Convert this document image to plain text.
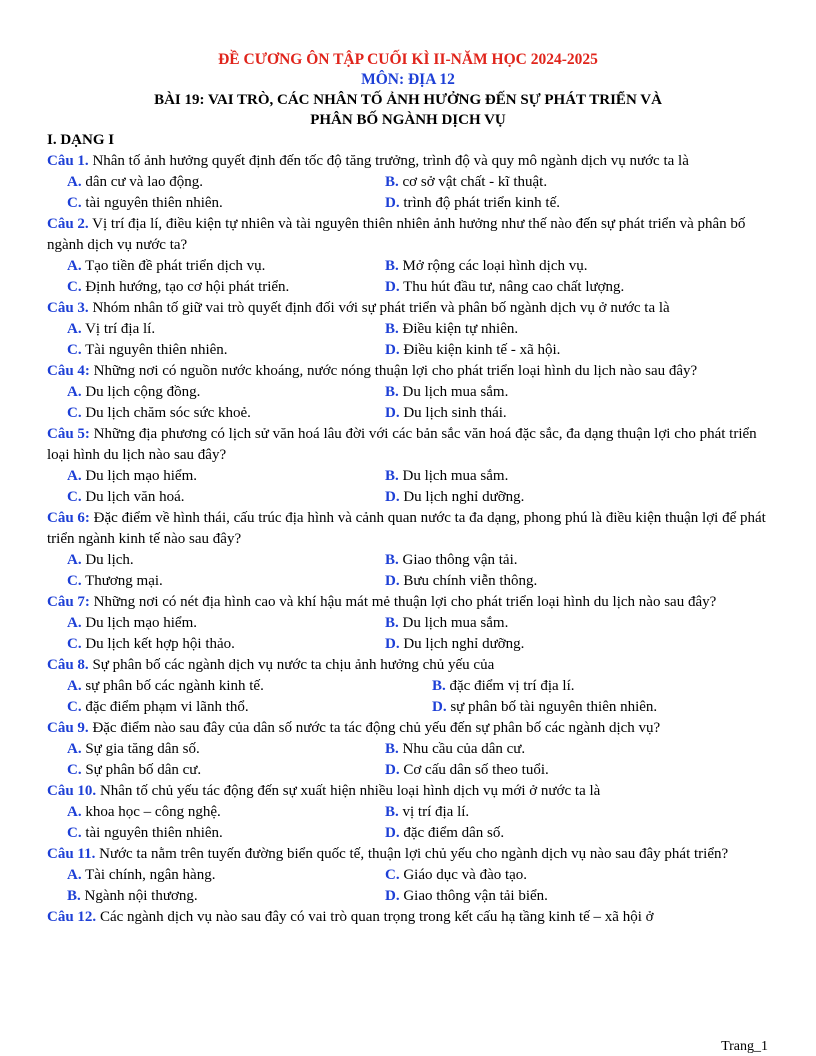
ĐỀ CƯƠNG ÔN TẬP CUỐI KÌ II-NĂM HỌC 2024-2025
MÔN: ĐỊA 12
BÀI 19: VAI TRÒ, CÁC NHÂN TỐ ẢNH HƯỞNG ĐẾN SỰ PHÁT TRIỂN VÀ
PHÂN BỐ NGÀNH DỊCH VỤ
I. DẠNG I
Câu 1. Nhân tố ảnh hưởng quyết định đến tốc độ tăng trưởng, trình độ và quy mô ngành dịch vụ nước ta là
A. dân cư và lao động.	B. cơ sở vật chất - kĩ thuật.
C. tài nguyên thiên nhiên.	D. trình độ phát triển kinh tế.
Câu 2. Vị trí địa lí, điều kiện tự nhiên và tài nguyên thiên nhiên ảnh hưởng như thế nào đến sự phát triển và phân bố ngành dịch vụ nước ta?
A. Tạo tiền đề phát triển dịch vụ.	B. Mở rộng các loại hình dịch vụ.
C. Định hướng, tạo cơ hội phát triển.	D. Thu hút đầu tư, nâng cao chất lượng.
Câu 3. Nhóm nhân tố giữ vai trò quyết định đối với sự phát triển và phân bố ngành dịch vụ ở nước ta là
A. Vị trí địa lí.	B. Điều kiện tự nhiên.
C. Tài nguyên thiên nhiên.	D. Điều kiện kinh tế - xã hội.
Câu 4: Những nơi có nguồn nước khoáng, nước nóng thuận lợi cho phát triển loại hình du lịch nào sau đây?
A. Du lịch cộng đồng.	B. Du lịch mua sắm.
C. Du lịch chăm sóc sức khoẻ.	D. Du lịch sinh thái.
Câu 5: Những địa phương có lịch sử văn hoá lâu đời với các bản sắc văn hoá đặc sắc, đa dạng thuận lợi cho phát triển loại hình du lịch nào sau đây?
A. Du lịch mạo hiểm.	B. Du lịch mua sắm.
C. Du lịch văn hoá.	D. Du lịch nghỉ dưỡng.
Câu 6: Đặc điểm về hình thái, cấu trúc địa hình và cảnh quan nước ta đa dạng, phong phú là điều kiện thuận lợi để phát triển ngành kinh tế nào sau đây?
A. Du lịch.	B. Giao thông vận tải.
C. Thương mại.	D. Bưu chính viễn thông.
Câu 7: Những nơi có nét địa hình cao và khí hậu mát mẻ thuận lợi cho phát triển loại hình du lịch nào sau đây?
A. Du lịch mạo hiểm.	B. Du lịch mua sắm.
C. Du lịch kết hợp hội thảo.	D. Du lịch nghỉ dưỡng.
Câu 8. Sự phân bố các ngành dịch vụ nước ta chịu ảnh hưởng chủ yếu của
A. sự phân bố các ngành kinh tế.	B. đặc điểm vị trí địa lí.
C. đặc điểm phạm vi lãnh thổ.	D. sự phân bố tài nguyên thiên nhiên.
Câu 9. Đặc điểm nào sau đây của dân số nước ta tác động chủ yếu đến sự phân bố các ngành dịch vụ?
A. Sự gia tăng dân số.	B. Nhu cầu của dân cư.
C. Sự phân bố dân cư.	D. Cơ cấu dân số theo tuổi.
Câu 10. Nhân tố chủ yếu tác động đến sự xuất hiện nhiều loại hình dịch vụ mới ở nước ta là
A. khoa học – công nghệ.	B. vị trí địa lí.
C. tài nguyên thiên nhiên.	D. đặc điểm dân số.
Câu 11. Nước ta nằm trên tuyến đường biển quốc tế, thuận lợi chủ yếu cho ngành dịch vụ nào sau đây phát triển?
A. Tài chính, ngân hàng.	C. Giáo dục và đào tạo.
B. Ngành nội thương.	D. Giao thông vận tải biển.
Câu 12. Các ngành dịch vụ nào sau đây có vai trò quan trọng trong kết cấu hạ tầng kinh tế – xã hội ở
Trang_1
